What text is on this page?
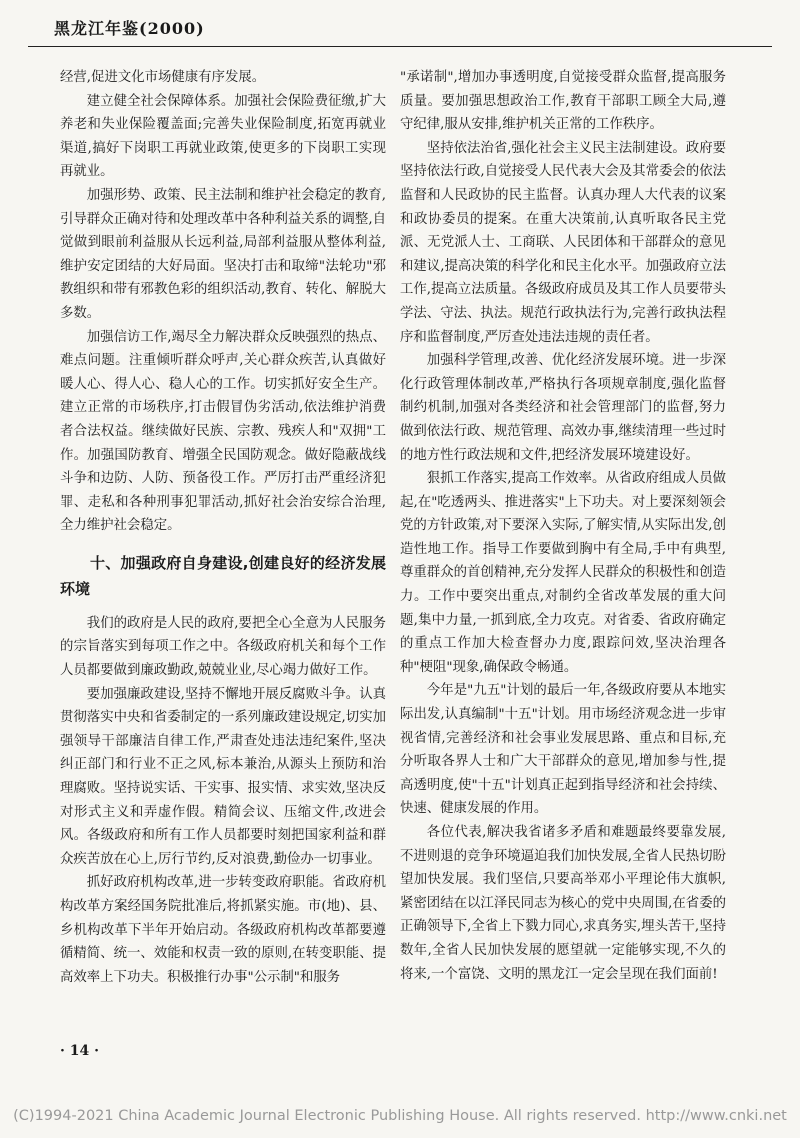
黑龙江年鉴(2000)

经营,促进文化市场健康有序发展。

建立健全社会保障体系。加强社会保险费征缴,扩大养老和失业保险覆盖面;完善失业保险制度,拓宽再就业渠道,搞好下岗职工再就业政策,使更多的下岗职工实现再就业。

加强形势、政策、民主法制和维护社会稳定的教育,引导群众正确对待和处理改革中各种利益关系的调整,自觉做到眼前利益服从长远利益,局部利益服从整体利益,维护安定团结的大好局面。坚决打击和取缔"法轮功"邪教组织和带有邪教色彩的组织活动,教育、转化、解脱大多数。

加强信访工作,竭尽全力解决群众反映强烈的热点、难点问题。注重倾听群众呼声,关心群众疾苦,认真做好暖人心、得人心、稳人心的工作。切实抓好安全生产。建立正常的市场秩序,打击假冒伪劣活动,依法维护消费者合法权益。继续做好民族、宗教、残疾人和"双拥"工作。加强国防教育、增强全民国防观念。做好隐蔽战线斗争和边防、人防、预备役工作。严厉打击严重经济犯罪、走私和各种刑事犯罪活动,抓好社会治安综合治理,全力维护社会稳定。

十、加强政府自身建设,创建良好的经济发展环境

我们的政府是人民的政府,要把全心全意为人民服务的宗旨落实到每项工作之中。各级政府机关和每个工作人员都要做到廉政勤政,兢兢业业,尽心竭力做好工作。

要加强廉政建设,坚持不懈地开展反腐败斗争。认真贯彻落实中央和省委制定的一系列廉政建设规定,切实加强领导干部廉洁自律工作,严肃查处违法违纪案件,坚决纠正部门和行业不正之风,标本兼治,从源头上预防和治理腐败。坚持说实话、干实事、报实情、求实效,坚决反对形式主义和弄虚作假。精简会议、压缩文件,改进会风。各级政府和所有工作人员都要时刻把国家利益和群众疾苦放在心上,厉行节约,反对浪费,勤俭办一切事业。

抓好政府机构改革,进一步转变政府职能。省政府机构改革方案经国务院批准后,将抓紧实施。市(地)、县、乡机构改革下半年开始启动。各级政府机构改革都要遵循精简、统一、效能和权责一致的原则,在转变职能、提高效率上下功夫。积极推行办事"公示制"和服务

"承诺制",增加办事透明度,自觉接受群众监督,提高服务质量。要加强思想政治工作,教育干部职工顾全大局,遵守纪律,服从安排,维护机关正常的工作秩序。

坚持依法治省,强化社会主义民主法制建设。政府要坚持依法行政,自觉接受人民代表大会及其常委会的依法监督和人民政协的民主监督。认真办理人大代表的议案和政协委员的提案。在重大决策前,认真听取各民主党派、无党派人士、工商联、人民团体和干部群众的意见和建议,提高决策的科学化和民主化水平。加强政府立法工作,提高立法质量。各级政府成员及其工作人员要带头学法、守法、执法。规范行政执法行为,完善行政执法程序和监督制度,严厉查处违法违规的责任者。

加强科学管理,改善、优化经济发展环境。进一步深化行政管理体制改革,严格执行各项规章制度,强化监督制约机制,加强对各类经济和社会管理部门的监督,努力做到依法行政、规范管理、高效办事,继续清理一些过时的地方性行政法规和文件,把经济发展环境建设好。

狠抓工作落实,提高工作效率。从省政府组成人员做起,在"吃透两头、推进落实"上下功夫。对上要深刻领会党的方针政策,对下要深入实际,了解实情,从实际出发,创造性地工作。指导工作要做到胸中有全局,手中有典型,尊重群众的首创精神,充分发挥人民群众的积极性和创造力。工作中要突出重点,对制约全省改革发展的重大问题,集中力量,一抓到底,全力攻克。对省委、省政府确定的重点工作加大检查督办力度,跟踪问效,坚决治理各种"梗阻"现象,确保政令畅通。

今年是"九五"计划的最后一年,各级政府要从本地实际出发,认真编制"十五"计划。用市场经济观念进一步审视省情,完善经济和社会事业发展思路、重点和目标,充分听取各界人士和广大干部群众的意见,增加参与性,提高透明度,使"十五"计划真正起到指导经济和社会持续、快速、健康发展的作用。

各位代表,解决我省诸多矛盾和难题最终要靠发展,不进则退的竞争环境逼迫我们加快发展,全省人民热切盼望加快发展。我们坚信,只要高举邓小平理论伟大旗帜,紧密团结在以江泽民同志为核心的党中央周围,在省委的正确领导下,全省上下戮力同心,求真务实,埋头苦干,坚持数年,全省人民加快发展的愿望就一定能够实现,不久的将来,一个富饶、文明的黑龙江一定会呈现在我们面前!

· 14 ·
(C)1994-2021 China Academic Journal Electronic Publishing House. All rights reserved. http://www.cnki.net
